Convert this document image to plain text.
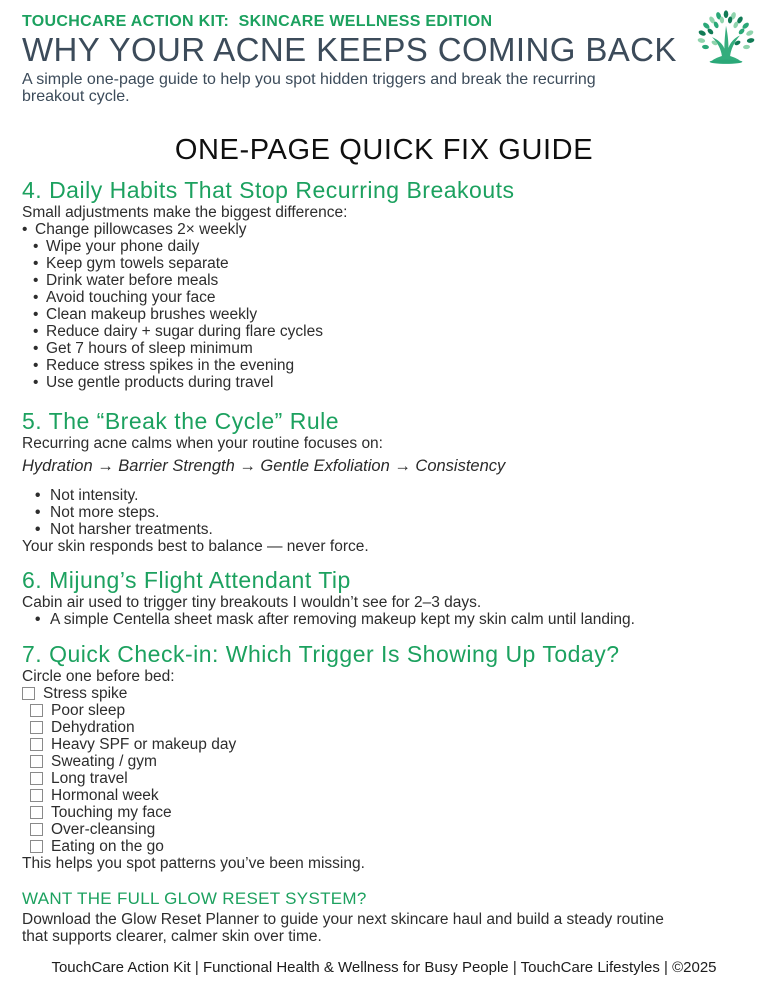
TOUCHCARE ACTION KIT:  SKINCARE WELLNESS EDITION
WHY YOUR ACNE KEEPS COMING BACK
A simple one-page guide to help you spot hidden triggers and break the recurring breakout cycle.
ONE-PAGE QUICK FIX GUIDE
4. Daily Habits That Stop Recurring Breakouts
Small adjustments make the biggest difference:
• Change pillowcases 2× weekly
• Wipe your phone daily
• Keep gym towels separate
• Drink water before meals
• Avoid touching your face
• Clean makeup brushes weekly
• Reduce dairy + sugar during flare cycles
• Get 7 hours of sleep minimum
• Reduce stress spikes in the evening
• Use gentle products during travel
5. The “Break the Cycle” Rule
Recurring acne calms when your routine focuses on:
Hydration → Barrier Strength → Gentle Exfoliation → Consistency
• Not intensity.
• Not more steps.
• Not harsher treatments.
Your skin responds best to balance — never force.
6. Mijung’s Flight Attendant Tip
Cabin air used to trigger tiny breakouts I wouldn’t see for 2–3 days.
• A simple Centella sheet mask after removing makeup kept my skin calm until landing.
7. Quick Check-in: Which Trigger Is Showing Up Today?
Circle one before bed:
Stress spike
Poor sleep
Dehydration
Heavy SPF or makeup day
Sweating / gym
Long travel
Hormonal week
Touching my face
Over-cleansing
Eating on the go
This helps you spot patterns you’ve been missing.
WANT THE FULL GLOW RESET SYSTEM?
Download the Glow Reset Planner to guide your next skincare haul and build a steady routine that supports clearer, calmer skin over time.
TouchCare Action Kit | Functional Health & Wellness for Busy People | TouchCare Lifestyles | ©2025
